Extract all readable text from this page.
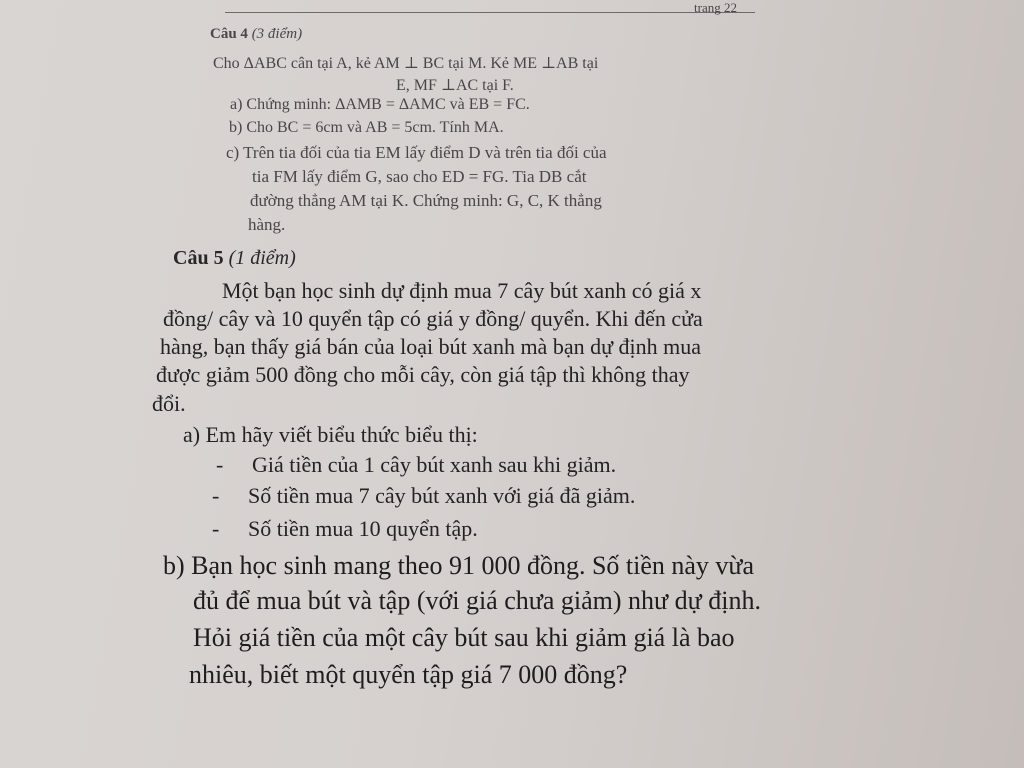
trang 22
Câu 4 (3 điểm)
Cho ΔABC cân tại A, kẻ AM ⊥ BC tại M. Kẻ ME ⊥AB tại
E, MF ⊥AC tại F.
a) Chứng minh: ΔAMB = ΔAMC và EB = FC.
b) Cho BC = 6cm và AB = 5cm. Tính MA.
c) Trên tia đối của tia EM lấy điểm D và trên tia đối của
tia FM lấy điểm G, sao cho ED = FG. Tia DB cắt
đường thẳng AM tại K. Chứng minh: G, C, K thẳng
hàng.
Câu 5 (1 điểm)
Một bạn học sinh dự định mua 7 cây bút xanh có giá x
đồng/ cây và 10 quyển tập có giá y đồng/ quyển. Khi đến cửa
hàng, bạn thấy giá bán của loại bút xanh mà bạn dự định mua
được giảm 500 đồng cho mỗi cây, còn giá tập thì không thay
đổi.
a) Em hãy viết biểu thức biểu thị:
- Giá tiền của 1 cây bút xanh sau khi giảm.
- Số tiền mua 7 cây bút xanh với giá đã giảm.
- Số tiền mua 10 quyển tập.
b) Bạn học sinh mang theo 91 000 đồng. Số tiền này vừa
đủ để mua bút và tập (với giá chưa giảm) như dự định.
Hỏi giá tiền của một cây bút sau khi giảm giá là bao
nhiêu, biết một quyển tập giá 7 000 đồng?
